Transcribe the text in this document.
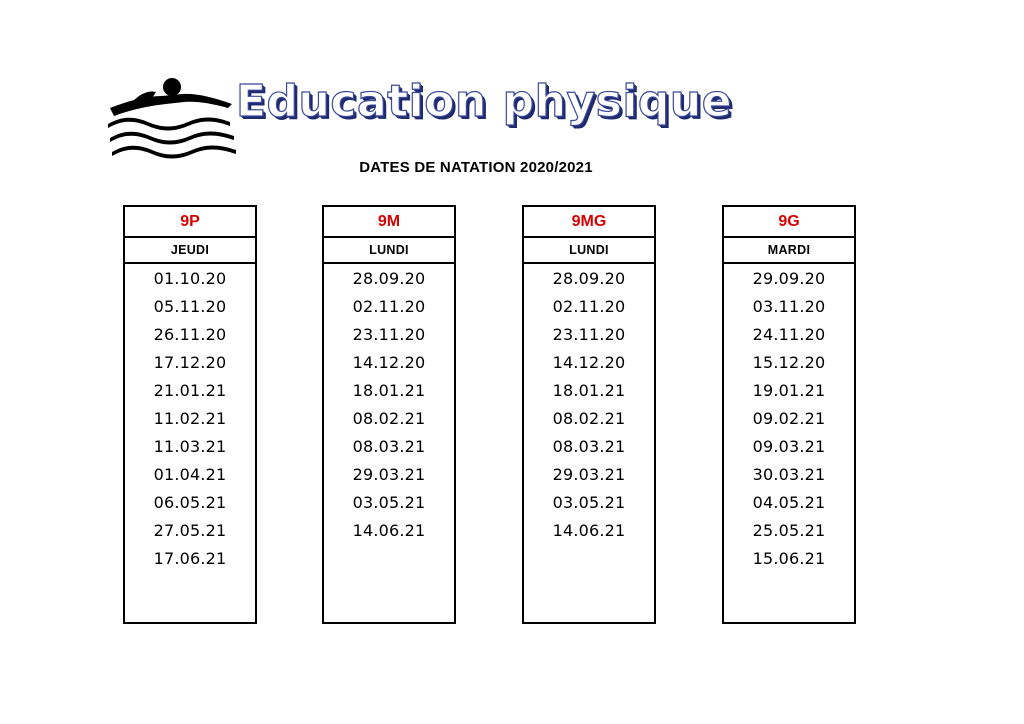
Education physique
DATES DE NATATION 2020/2021
9P
JEUDI
01.10.20
05.11.20
26.11.20
17.12.20
21.01.21
11.02.21
11.03.21
01.04.21
06.05.21
27.05.21
17.06.21
9M
LUNDI
28.09.20
02.11.20
23.11.20
14.12.20
18.01.21
08.02.21
08.03.21
29.03.21
03.05.21
14.06.21
9MG
LUNDI
28.09.20
02.11.20
23.11.20
14.12.20
18.01.21
08.02.21
08.03.21
29.03.21
03.05.21
14.06.21
9G
MARDI
29.09.20
03.11.20
24.11.20
15.12.20
19.01.21
09.02.21
09.03.21
30.03.21
04.05.21
25.05.21
15.06.21
